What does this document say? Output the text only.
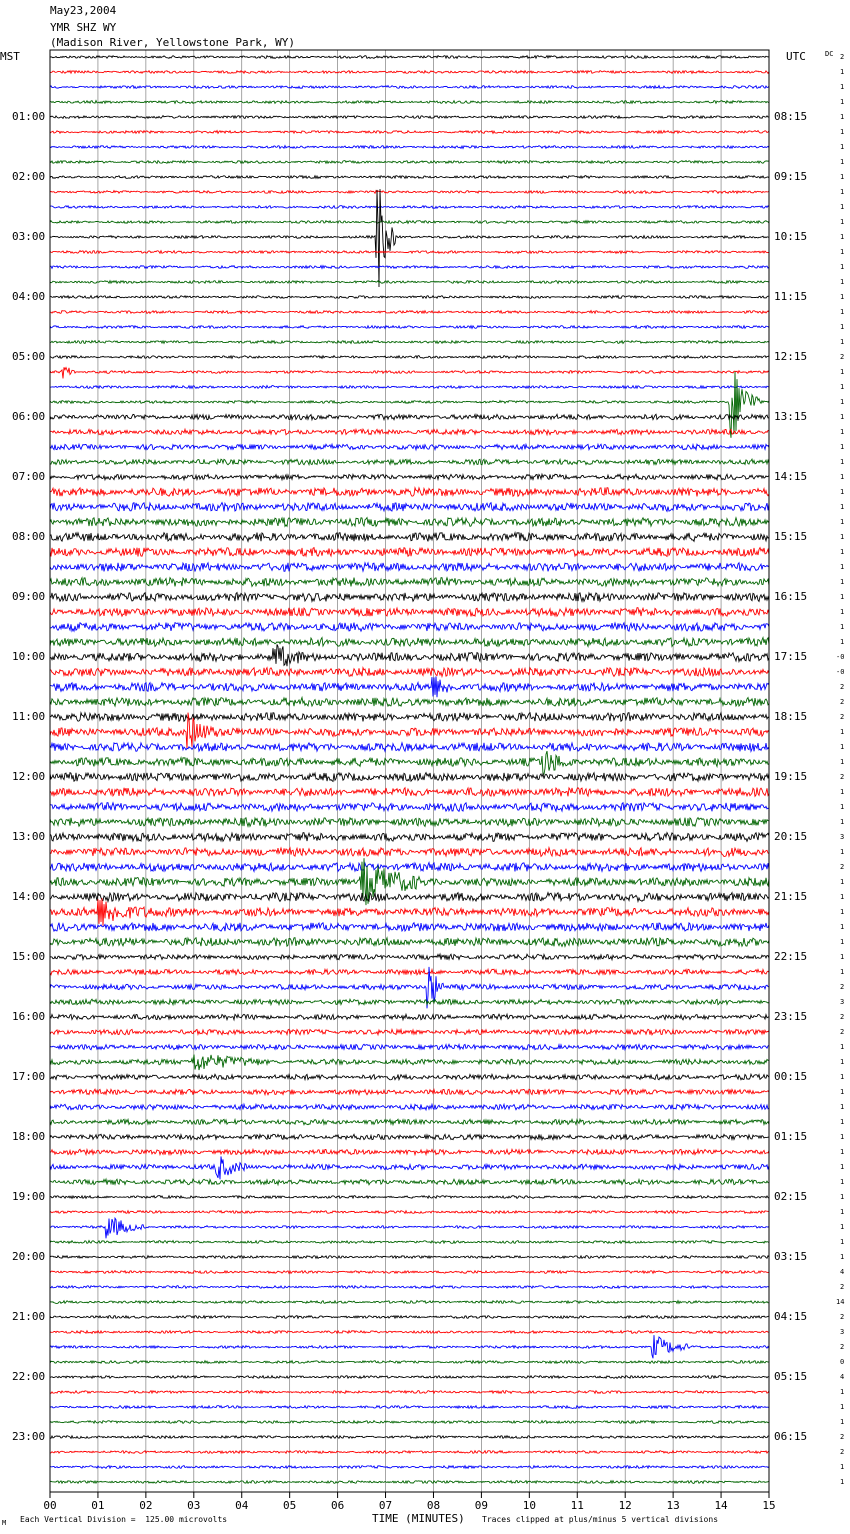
May23,2004
YMR SHZ WY
(Madison River, Yellowstone Park, WY)
MST	UTC	DC
01:00
02:00
03:00
04:00
05:00
06:00
07:00
08:00
09:00
10:00
11:00
12:00
13:00
14:00
15:00
16:00
17:00
18:00
19:00
20:00
21:00
22:00
23:00
08:15
09:15
10:15
11:15
12:15
13:15
14:15
15:15
16:15
17:15
18:15
19:15
20:15
21:15
22:15
23:15
00:15
01:15
02:15
03:15
04:15
05:15
06:15
2
1
1
1
1
1
1
1
1
1
1
1
1
1
1
1
1
1
1
1
2
1
1
1
1
1
1
1
1
1
1
1
1
1
1
1
1
1
1
1
-0
-0
2
2
2
1
1
1
2
1
1
1
3
1
2
1
1
1
1
1
1
1
2
3
2
2
1
1
1
1
1
1
1
1
1
1
1
1
1
1
1
4
2
14
2
3
2
0
4
1
1
1
2
2
1
1
00	01	02	03	04	05	06	07	08	09	10	11	12	13	14	15
M Each Vertical Division =  125.00 microvolts	TIME (MINUTES) Traces clipped at plus/minus 5 vertical divisions
